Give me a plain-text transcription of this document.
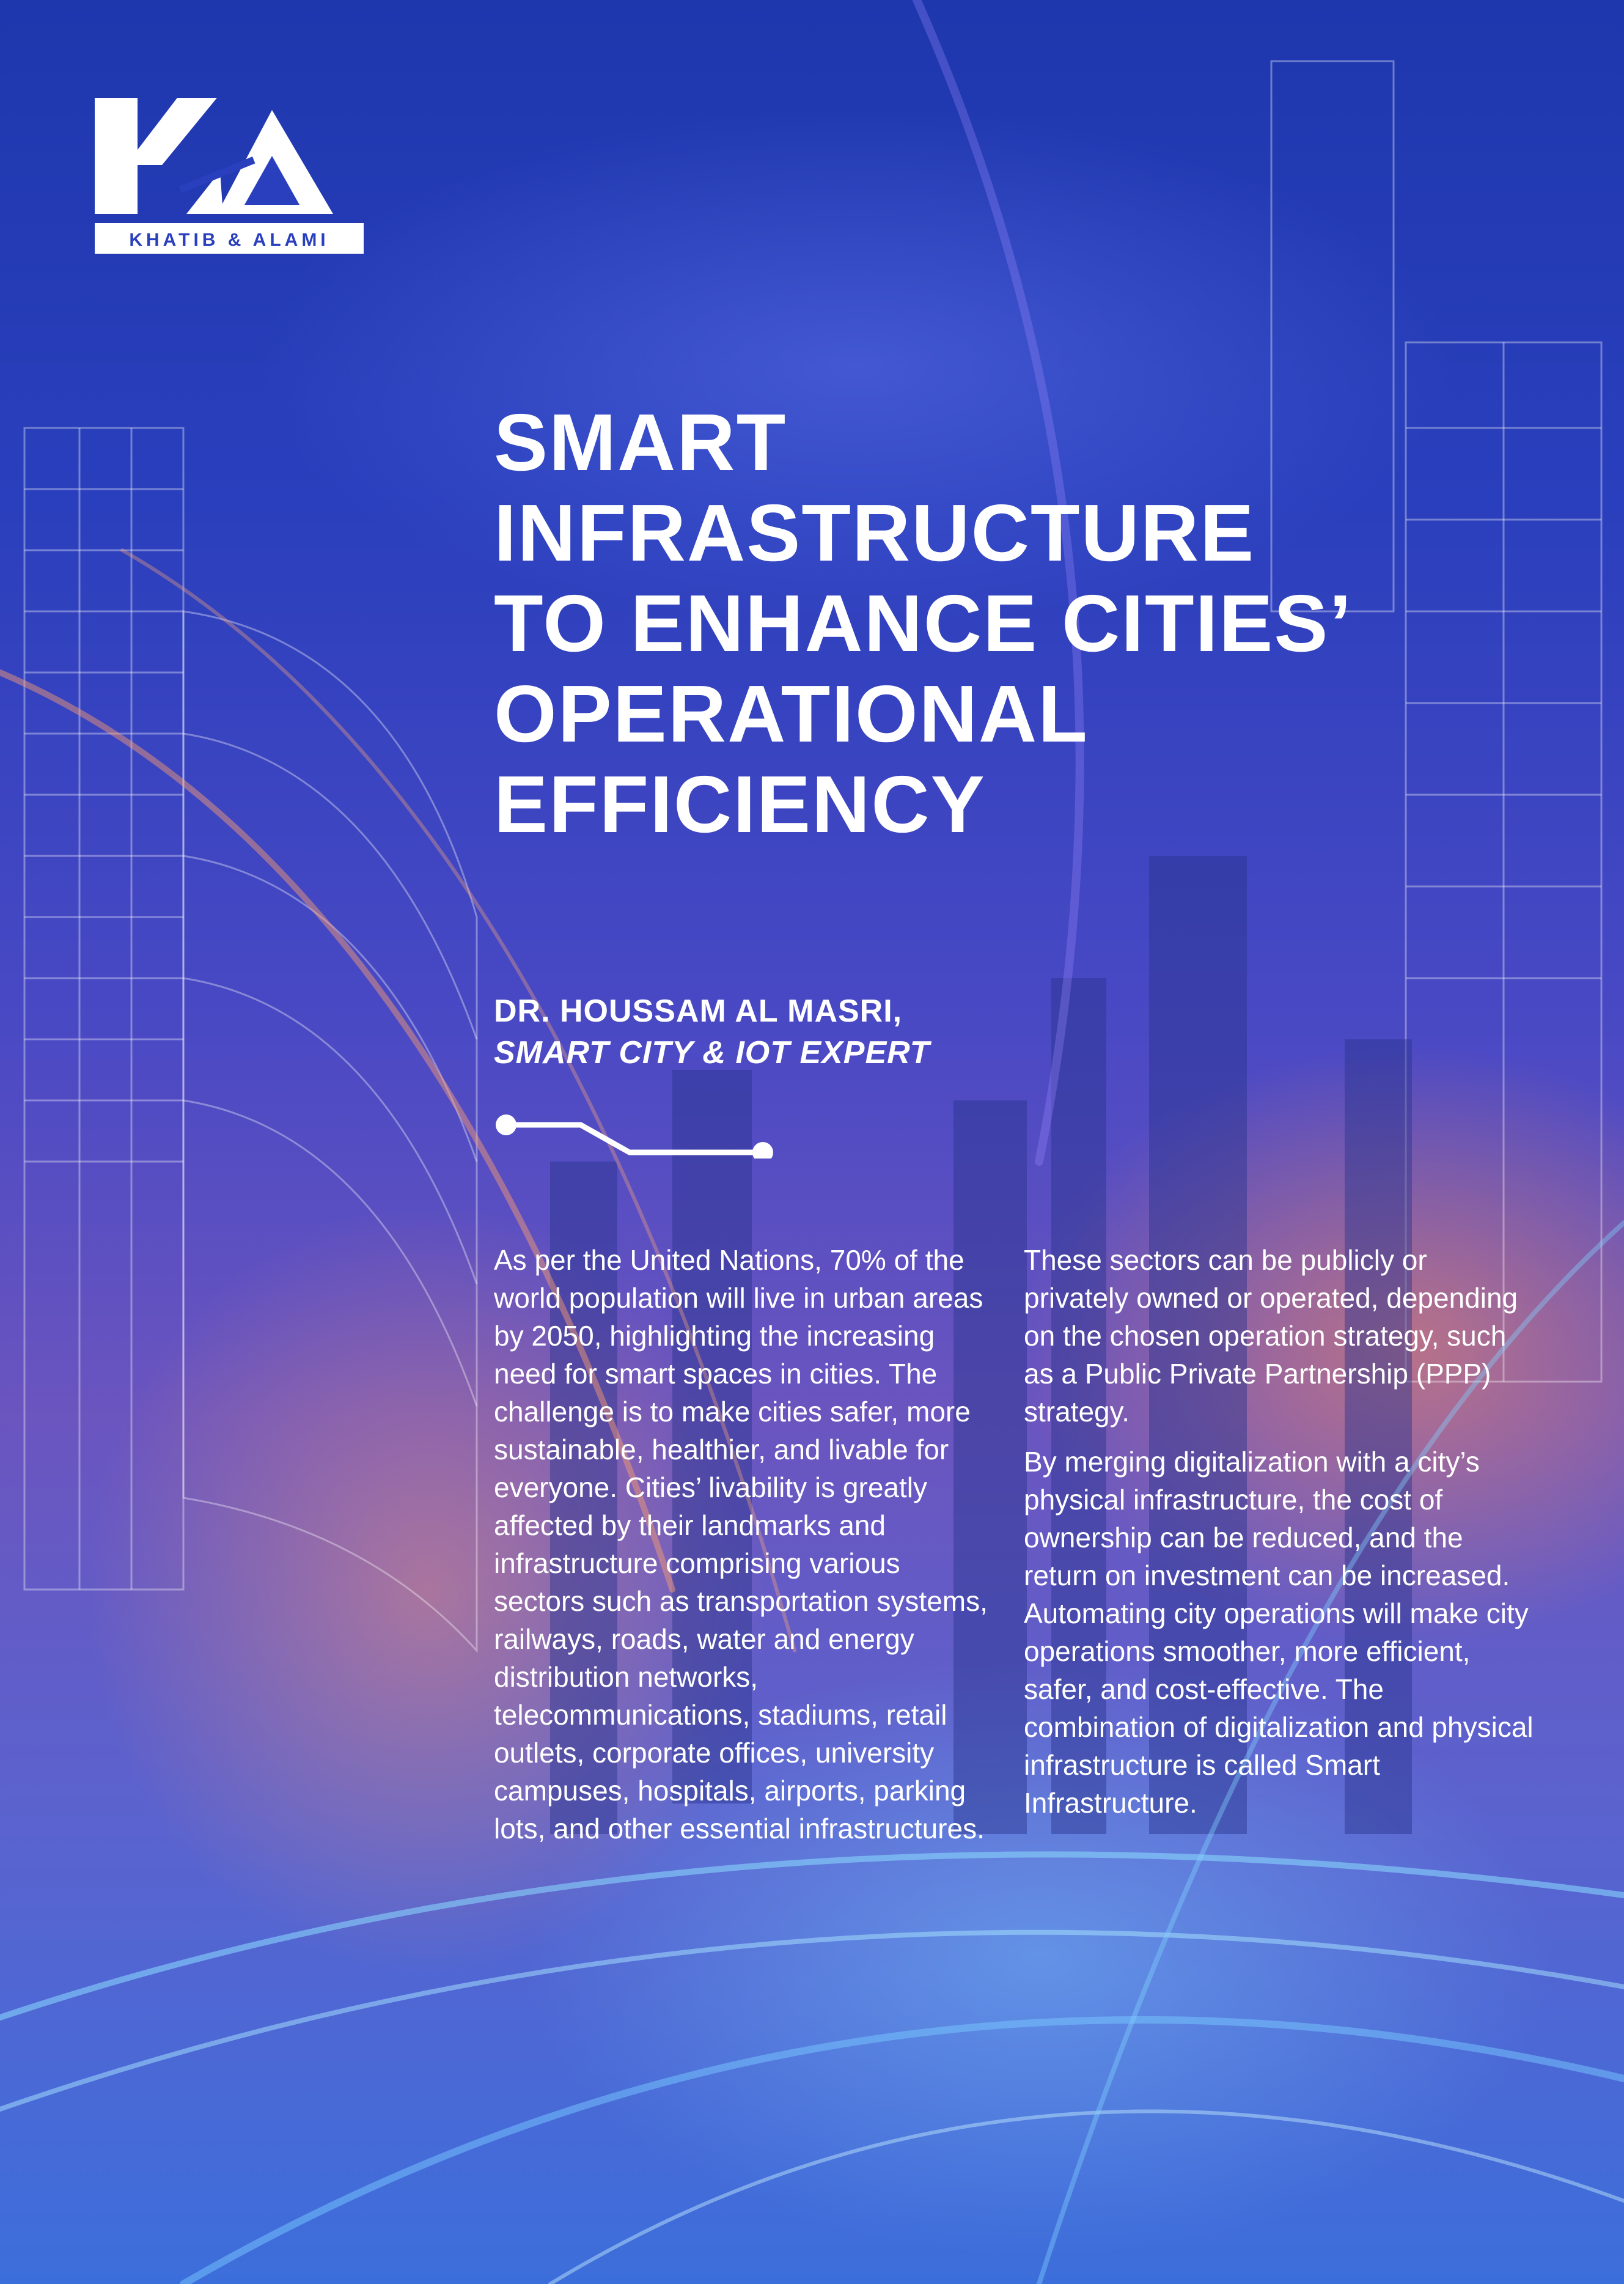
KHATIB & ALAMI
SMART
INFRASTRUCTURE
TO ENHANCE CITIES’
OPERATIONAL
EFFICIENCY
DR. HOUSSAM AL MASRI,
SMART CITY & IOT EXPERT

As per the United Nations, 70% of the world population will live in urban areas by 2050, highlighting the increasing need for smart spaces in cities. The challenge is to make cities safer, more sustainable, healthier, and livable for everyone. Cities’ livability is greatly affected by their landmarks and infrastructure comprising various sectors such as transportation systems, railways, roads, water and energy distribution networks, telecommunications, stadiums, retail outlets, corporate offices, university campuses, hospitals, airports, parking lots, and other essential infrastructures.

These sectors can be publicly or privately owned or operated, depending on the chosen operation strategy, such as a Public Private Partnership (PPP) strategy.

By merging digitalization with a city’s physical infrastructure, the cost of ownership can be reduced, and the return on investment can be increased. Automating city operations will make city operations smoother, more efficient, safer, and cost-effective. The combination of digitalization and physical infrastructure is called Smart Infrastructure.
